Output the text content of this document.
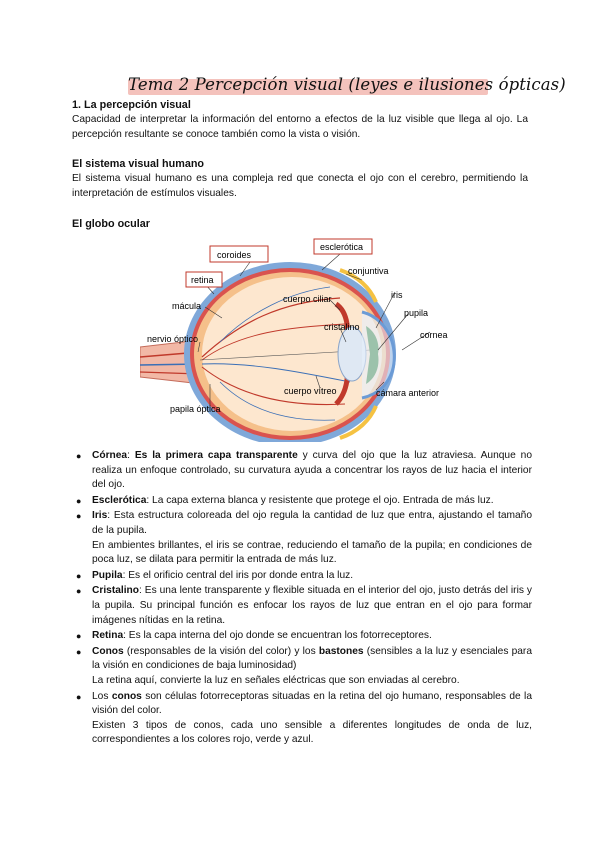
Tema 2 Percepción visual (leyes e ilusiones ópticas)
1. La percepción visual
Capacidad de interpretar la información del entorno a efectos de la luz visible que llega al ojo. La percepción resultante se conoce también como la vista o visión.
El sistema visual humano
El sistema visual humano es una compleja red que conecta el ojo con el cerebro, permitiendo la interpretación de estímulos visuales.
El globo ocular
coroides
esclerótica
retina
conjuntiva
cuerpo ciliar	iris
mácula
pupila
cristalino
cornea
nervio óptico
cuerpo vítreo	cámara anterior
papila óptica
● Córnea: Es la primera capa transparente y curva del ojo que la luz atraviesa. Aunque no realiza un enfoque controlado, su curvatura ayuda a concentrar los rayos de luz hacia el interior del ojo.
● Esclerótica: La capa externa blanca y resistente que protege el ojo. Entrada de más luz.
● Iris: Esta estructura coloreada del ojo regula la cantidad de luz que entra, ajustando el tamaño de la pupila.
En ambientes brillantes, el iris se contrae, reduciendo el tamaño de la pupila; en condiciones de poca luz, se dilata para permitir la entrada de más luz.
● Pupila: Es el orificio central del iris por donde entra la luz.
● Cristalino: Es una lente transparente y flexible situada en el interior del ojo, justo detrás del iris y la pupila. Su principal función es enfocar los rayos de luz que entran en el ojo para formar imágenes nítidas en la retina.
● Retina: Es la capa interna del ojo donde se encuentran los fotorreceptores.
● Conos (responsables de la visión del color) y los bastones (sensibles a la luz y esenciales para la visión en condiciones de baja luminosidad)
La retina aquí, convierte la luz en señales eléctricas que son enviadas al cerebro.
● Los conos son células fotorreceptoras situadas en la retina del ojo humano, responsables de la visión del color.
Existen 3 tipos de conos, cada uno sensible a diferentes longitudes de onda de luz, correspondientes a los colores rojo, verde y azul.
